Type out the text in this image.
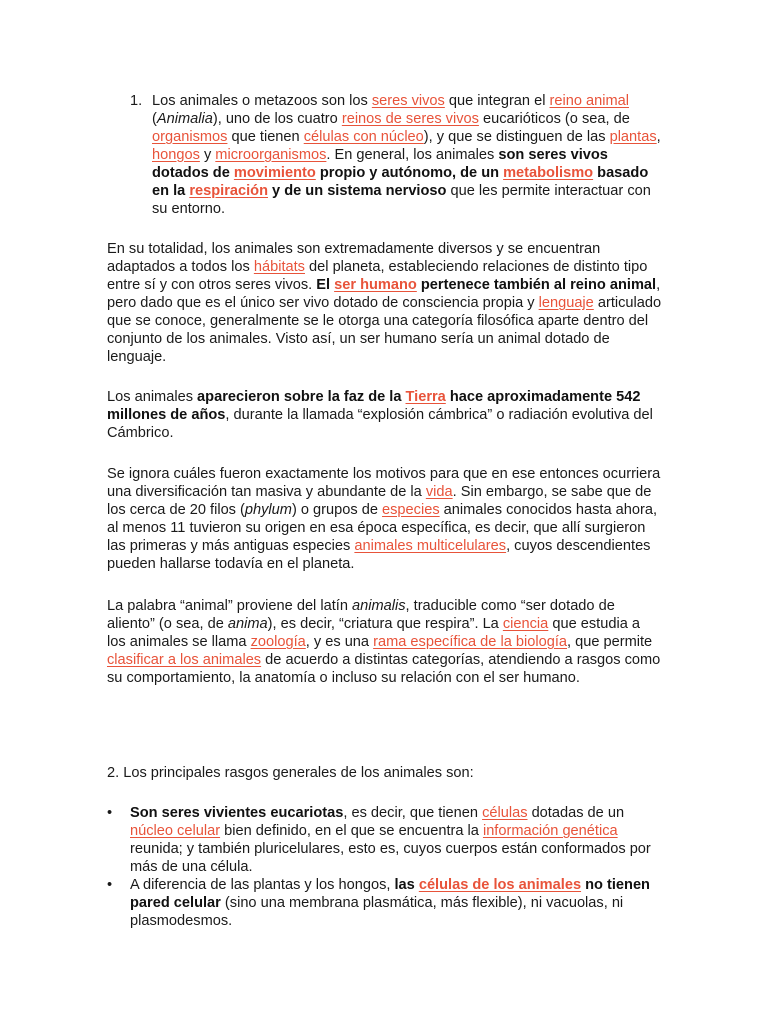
1. Los animales o metazoos son los seres vivos que integran el reino animal (Animalia), uno de los cuatro reinos de seres vivos eucarióticos (o sea, de organismos que tienen células con núcleo), y que se distinguen de las plantas, hongos y microorganismos. En general, los animales son seres vivos dotados de movimiento propio y autónomo, de un metabolismo basado en la respiración y de un sistema nervioso que les permite interactuar con su entorno.

En su totalidad, los animales son extremadamente diversos y se encuentran adaptados a todos los hábitats del planeta, estableciendo relaciones de distinto tipo entre sí y con otros seres vivos. El ser humano pertenece también al reino animal, pero dado que es el único ser vivo dotado de consciencia propia y lenguaje articulado que se conoce, generalmente se le otorga una categoría filosófica aparte dentro del conjunto de los animales. Visto así, un ser humano sería un animal dotado de lenguaje.

Los animales aparecieron sobre la faz de la Tierra hace aproximadamente 542 millones de años, durante la llamada “explosión cámbrica” o radiación evolutiva del Cámbrico.

Se ignora cuáles fueron exactamente los motivos para que en ese entonces ocurriera una diversificación tan masiva y abundante de la vida. Sin embargo, se sabe que de los cerca de 20 filos (phylum) o grupos de especies animales conocidos hasta ahora, al menos 11 tuvieron su origen en esa época específica, es decir, que allí surgieron las primeras y más antiguas especies animales multicelulares, cuyos descendientes pueden hallarse todavía en el planeta.

La palabra “animal” proviene del latín animalis, traducible como “ser dotado de aliento” (o sea, de anima), es decir, “criatura que respira”. La ciencia que estudia a los animales se llama zoología, y es una rama específica de la biología, que permite clasificar a los animales de acuerdo a distintas categorías, atendiendo a rasgos como su comportamiento, la anatomía o incluso su relación con el ser humano.

2. Los principales rasgos generales de los animales son:

• Son seres vivientes eucariotas, es decir, que tienen células dotadas de un núcleo celular bien definido, en el que se encuentra la información genética reunida; y también pluricelulares, esto es, cuyos cuerpos están conformados por más de una célula.
• A diferencia de las plantas y los hongos, las células de los animales no tienen pared celular (sino una membrana plasmática, más flexible), ni vacuolas, ni plasmodesmos.
